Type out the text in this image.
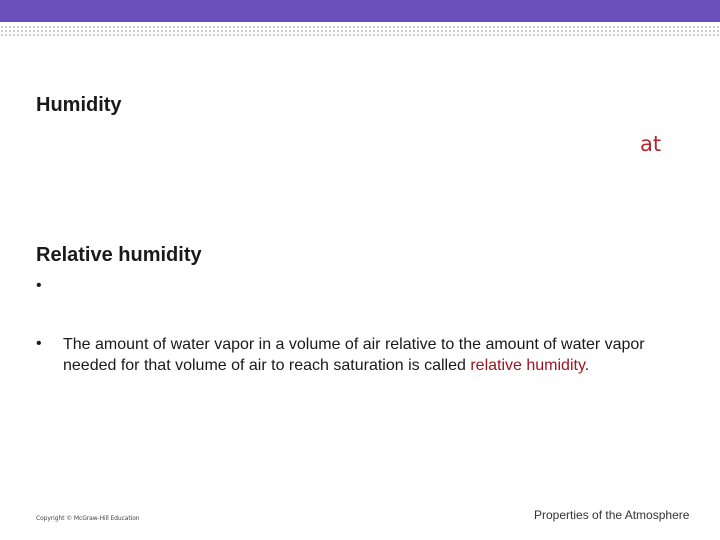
Humidity
at
Relative humidity
•
• The amount of water vapor in a volume of air relative to the amount of water vapor needed for that volume of air to reach saturation is called relative humidity.
Copyright © McGraw-Hill Education	Properties of the Atmosphere
